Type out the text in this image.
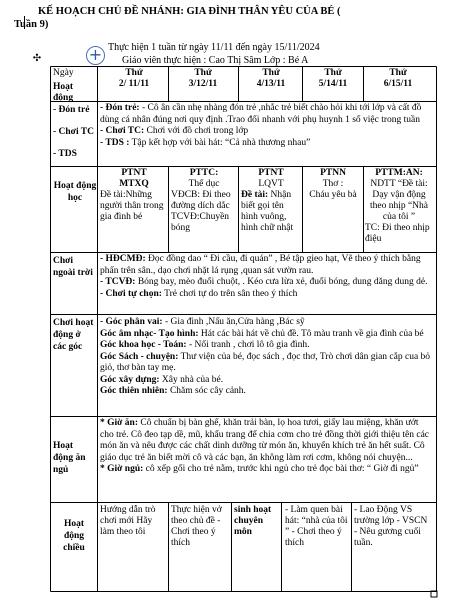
KẾ HOẠCH CHỦ ĐỀ NHÁNH: GIA ĐÌNH THÂN YÊU CỦA BÉ (
Tuần 9)
Thực hiện 1 tuần từ ngày 11/11 đến ngày 15/11/2024
Giáo viên thực hiện : Cao Thị Sâm Lớp : Bé A
✣	+
Ngày
Hoạt động
Thứ
2/ 11/11
Thứ
3/12/11
Thứ
4/13/11
Thứ
5/14/11
Thứ
6/15/11
- Đón trẻ
- Chơi TC
- TDS
- Đón trẻ: - Cô ân cần nhẹ nhàng đón trẻ ,nhắc trẻ biết chào hỏi khi tới lớp và cất đồ dùng cá nhân đúng nơi quy định .Trao đổi nhanh với phụ huynh 1 số việc trong tuần
- Chơi TC: Chơi với đồ chơi trong lớp
- TDS : Tập kết hợp với bài hát: “Cả nhà thương nhau”
Hoạt động học
PTNT
MTXQ
Đề tài:Những người thân trong gia đình bé
PTTC:
Thể dục
VĐCB: Đi theo đường dích dắc TCVĐ:Chuyền bóng
PTNT
LQVT
Đề tài: Nhận biết gọi tên hình vuông, hình chữ nhật
PTNN
Thơ :
Cháu yêu bà
PTTM:ÂN:
NDTT “Đề tài: Dạy vận động theo nhịp “Nhà của tôi ”
TC: Đi theo nhịp điệu
Chơi ngoài trời
- HĐCMĐ: Đọc đồng dao “ Đi cầu, đi quán” , Bé tập gieo hạt, Vẽ theo ý thích bằng phấn trên sân., dạo chơi nhặt lá rụng ,quan sát vườn rau.
- TCVĐ: Bóng bay, mèo đuổi chuột, . Kéo cưa lừa xẻ, đuổi bóng, dung dăng dung dẻ.
- Chơi tự chọn: Trẻ chơi tự do trên sân theo ý thích
Chơi hoạt động ở các góc
- Góc phân vai: - Gia đình ,Nấu ăn,Cửa hàng ,Bác sỹ
Góc âm nhạc- Tạo hình: Hát các bài hát về chủ đề. Tô màu tranh về gia đình của bé
Góc khoa học - Toán: - Nối tranh , chơi lô tô gia đình.
Góc Sách - chuyện: Thư viện của bé, đọc sách , đọc thơ, Trò chơi dân gian cắp cua bỏ giỏ, thơ bàn tay mẹ.
Góc xây dựng: Xây nhà của bé.
Góc thiên nhiên: Chăm sóc cây cảnh.
Hoạt động ăn ngủ
* Giờ ăn: Cô chuẩn bị bàn ghế, khăn trải bàn, lọ hoa tươi, giấy lau miệng, khăn ướt cho trẻ. Cô đeo tạp dề, mũ, khẩu trang để chia cơm cho trẻ đồng thời giới thiệu tên các món ăn và nêu được các chất dinh dưỡng từ món ăn, khuyến khích trẻ ăn hết suất. Cô giáo dục trẻ ăn biết mời cô và các bạn, ăn không làm rơi cơm, không nói chuyện...
* Giờ ngủ: cô xếp gối cho trẻ nằm, trước khi ngủ cho trẻ đọc bài thơ: “ Giờ đi ngủ”
Hoạt động chiều
Hướng dẫn trò chơi mới Hãy làm theo tôi
Thực hiện vở theo chủ đề - Chơi theo ý thích
sinh hoạt chuyên môn
- Làm quen bài hát: “nhà của tôi ” - Chơi theo ý thích
- Lao Động VS trường lớp - VSCN - Nêu gương cuối tuần.
